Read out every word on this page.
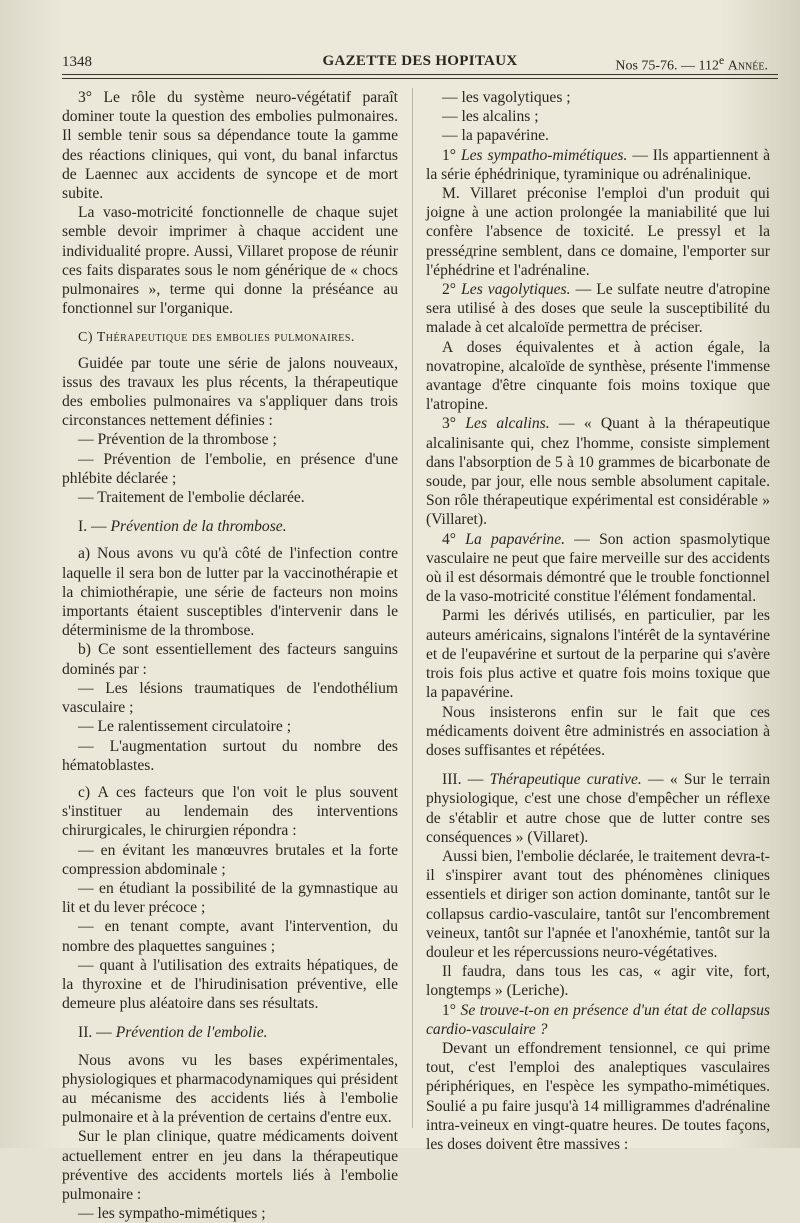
1348	GAZETTE DES HOPITAUX	Nos 75-76. — 112e Année.

3° Le rôle du système neuro-végétatif paraît dominer toute la question des embolies pulmonaires. Il semble tenir sous sa dépendance toute la gamme des réactions cliniques, qui vont, du banal infarctus de Laennec aux accidents de syncope et de mort subite.

La vaso-motricité fonctionnelle de chaque sujet semble devoir imprimer à chaque accident une individualité propre. Aussi, Villaret propose de réunir ces faits disparates sous le nom générique de « chocs pulmonaires », terme qui donne la préséance au fonctionnel sur l'organique.

C) Thérapeutique des embolies pulmonaires.

Guidée par toute une série de jalons nouveaux, issus des travaux les plus récents, la thérapeutique des embolies pulmonaires va s'appliquer dans trois circonstances nettement définies :

— Prévention de la thrombose ;

— Prévention de l'embolie, en présence d'une phlébite déclarée ;

— Traitement de l'embolie déclarée.

I. — Prévention de la thrombose.

a) Nous avons vu qu'à côté de l'infection contre laquelle il sera bon de lutter par la vaccinothérapie et la chimiothérapie, une série de facteurs non moins importants étaient susceptibles d'intervenir dans le déterminisme de la thrombose.

b) Ce sont essentiellement des facteurs sanguins dominés par :

— Les lésions traumatiques de l'endothélium vasculaire ;

— Le ralentissement circulatoire ;

— L'augmentation surtout du nombre des hématoblastes.

c) A ces facteurs que l'on voit le plus souvent s'instituer au lendemain des interventions chirurgicales, le chirurgien répondra :

— en évitant les manœuvres brutales et la forte compression abdominale ;

— en étudiant la possibilité de la gymnastique au lit et du lever précoce ;

— en tenant compte, avant l'intervention, du nombre des plaquettes sanguines ;

— quant à l'utilisation des extraits hépatiques, de la thyroxine et de l'hirudinisation préventive, elle demeure plus aléatoire dans ses résultats.

II. — Prévention de l'embolie.

Nous avons vu les bases expérimentales, physiologiques et pharmacodynamiques qui président au mécanisme des accidents liés à l'embolie pulmonaire et à la prévention de certains d'entre eux.

Sur le plan clinique, quatre médicaments doivent actuellement entrer en jeu dans la thérapeutique préventive des accidents mortels liés à l'embolie pulmonaire :

— les sympatho-mimétiques ;

— les vagolytiques ;

— les alcalins ;

— la papavérine.

1° Les sympatho-mimétiques. — Ils appartiennent à la série éphédrinique, tyraminique ou adrénalinique.

M. Villaret préconise l'emploi d'un produit qui joigne à une action prolongée la maniabilité que lui confère l'absence de toxicité. Le pressyl et la presséдrine semblent, dans ce domaine, l'emporter sur l'éphédrine et l'adrénaline.

2° Les vagolytiques. — Le sulfate neutre d'atropine sera utilisé à des doses que seule la susceptibilité du malade à cet alcaloïde permettra de préciser.

A doses équivalentes et à action égale, la novatropine, alcaloïde de synthèse, présente l'immense avantage d'être cinquante fois moins toxique que l'atropine.

3° Les alcalins. — « Quant à la thérapeutique alcalinisante qui, chez l'homme, consiste simplement dans l'absorption de 5 à 10 grammes de bicarbonate de soude, par jour, elle nous semble absolument capitale. Son rôle thérapeutique expérimental est considérable » (Villaret).

4° La papavérine. — Son action spasmolytique vasculaire ne peut que faire merveille sur des accidents où il est désormais démontré que le trouble fonctionnel de la vaso-motricité constitue l'élément fondamental.

Parmi les dérivés utilisés, en particulier, par les auteurs américains, signalons l'intérêt de la syntavérine et de l'eupavérine et surtout de la perparine qui s'avère trois fois plus active et quatre fois moins toxique que la papavérine.

Nous insisterons enfin sur le fait que ces médicaments doivent être administrés en association à doses suffisantes et répétées.

III. — Thérapeutique curative. — « Sur le terrain physiologique, c'est une chose d'empêcher un réflexe de s'établir et autre chose que de lutter contre ses conséquences » (Villaret).

Aussi bien, l'embolie déclarée, le traitement devra-t-il s'inspirer avant tout des phénomènes cliniques essentiels et diriger son action dominante, tantôt sur le collapsus cardio-vasculaire, tantôt sur l'encombrement veineux, tantôt sur l'apnée et l'anoxhémie, tantôt sur la douleur et les répercussions neuro-végétatives.

Il faudra, dans tous les cas, « agir vite, fort, longtemps » (Leriche).

1° Se trouve-t-on en présence d'un état de collapsus cardio-vasculaire ?

Devant un effondrement tensionnel, ce qui prime tout, c'est l'emploi des analeptiques vasculaires périphériques, en l'espèce les sympatho-mimétiques. Soulié a pu faire jusqu'à 14 milligrammes d'adrénaline intra-veineux en vingt-quatre heures. De toutes façons, les doses doivent être massives :
